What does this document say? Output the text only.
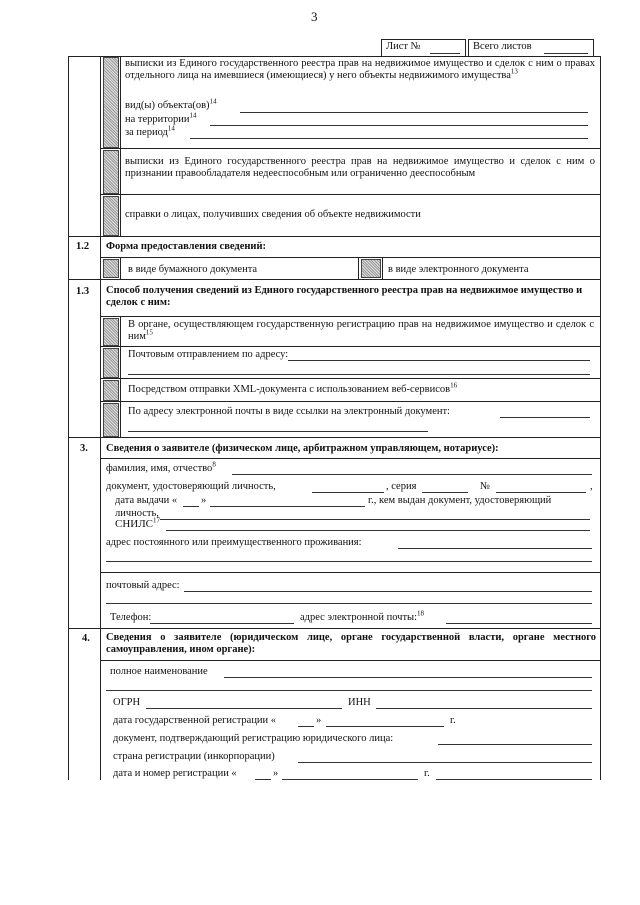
3
Лист №	Всего листов
выписки из Единого государственного реестра прав на недвижимое имущество и сделок с ним о правах отдельного лица на имевшиеся (имеющиеся) у него объекты недвижимого имущества$^{13}$
вид(ы) объекта(ов)$^{14}$
на территории$^{14}$
за период$^{14}$
выписки из Единого государственного реестра прав на недвижимое имущество и сделок с ним о признании правообладателя недееспособным или ограниченно дееспособным
справки о лицах, получивших сведения об объекте недвижимости
1.2 Форма предоставления сведений:
в виде бумажного документа	в виде электронного документа
1.3 Способ получения сведений из Единого государственного реестра прав на недвижимое имущество и сделок с ним:
В органе, осуществляющем государственную регистрацию прав на недвижимое имущество и сделок с ним$^{15}$
Почтовым отправлением по адресу:
Посредством отправки XML-документа с использованием веб-сервисов$^{16}$
По адресу электронной почты в виде ссылки на электронный документ:
3. Сведения о заявителе (физическом лице, арбитражном управляющем, нотариусе):
фамилия, имя, отчество$^8$
документ, удостоверяющий личность,	, серия	№	,
дата выдачи « »	г., кем выдан документ, удостоверяющий
личность,
СНИЛС$^{17}$
адрес постоянного или преимущественного проживания:
почтовый адрес:
Телефон:	адрес электронной почты:$^{18}$
4. Сведения о заявителе (юридическом лице, органе государственной власти, органе местного самоуправления, ином органе):
полное наименование
ОГРН	ИНН
дата государственной регистрации «	»	г.
документ, подтверждающий регистрацию юридического лица:
страна регистрации (инкорпорации)
дата и номер регистрации «	»	г.
